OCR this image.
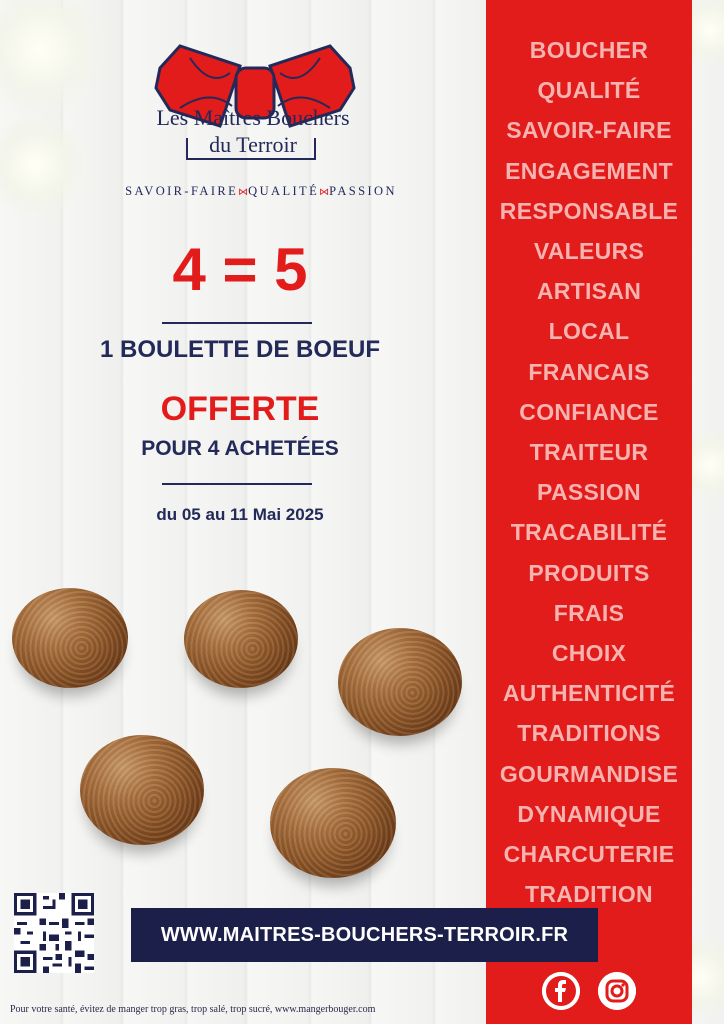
BOUCHER
QUALITÉ
SAVOIR-FAIRE
ENGAGEMENT
RESPONSABLE
VALEURS
ARTISAN
LOCAL
FRANCAIS
CONFIANCE
TRAITEUR
PASSION
TRACABILITÉ
PRODUITS
FRAIS
CHOIX
AUTHENTICITÉ
TRADITIONS
GOURMANDISE
DYNAMIQUE
CHARCUTERIE
TRADITION
Les Maîtres Bouchers
du Terroir
SAVOIR-FAIRE⋈QUALITÉ⋈PASSION
4 = 5
1 BOULETTE DE BOEUF
OFFERTE
POUR 4 ACHETÉES
du 05 au 11 Mai 2025
WWW.MAITRES-BOUCHERS-TERROIR.FR
Pour votre santé, évitez de manger trop gras, trop salé, trop sucré, www.mangerbouger.com
